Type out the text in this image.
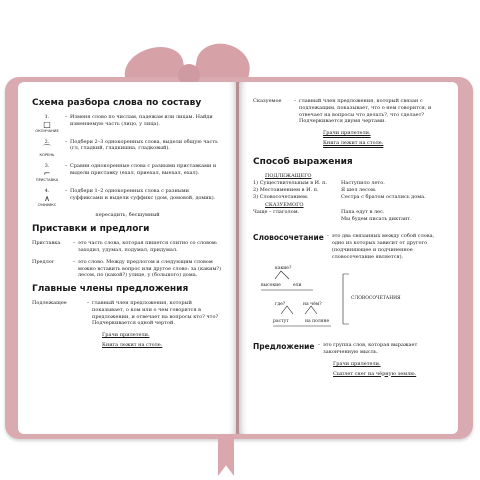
Схема разбора слова по составу
1.
□
ОКОНЧАНИЕ
– Изменя слово по числам, падежам или лицам. Найди изменяемую часть (лицо, у лица).
2.
⌒
КОРЕНЬ
– Подбери 2–3 однокоренных слова, выдели общую часть (гл, гладкий, гладкишна, гладковый).
3.
⌐
ПРИСТАВКА
– Сравни однокоренные слова с разными приставками и выдели приставку (ехал, приехал, выехал, ехал).
4.
∧
СУФФИКС
– Подбери 1–2 однокоренных слова с разными суффиксами и выдели суффикс (дом, домовой, домик).
пересадить, бесшумный
Приставки и предлоги
Приставка	– это часть слова, которая пишется слитно со словом: заходил, удумал, подумал, придумал.
Предлог	– это слово. Между предлогом и следующим словом можно вставить вопрос или другое слово: за (каким?) лесом, по (какой?) улице, у (большого) дома.
Главные члены предложения
Подлежащее	– главный член предложения, который показывает, о ком или о чем говорится в предложении, и отвечает на вопросы кто? что? Подчеркивается одной чертой.
Грачи прилетели.
Книга лежит на столе.
Сказуемое	– главный член предложения, который связан с подлежащим, показывает, что о нем говорится, и отвечает на вопросы что делать?, что сделает? Подчеркивается двумя чертами.
Грачи прилетели.
Книга лежит на столе.
Способ выражения
ПОДЛЕЖАЩЕГО
1) Существительным в И. п.	Наступило лето.
2) Местоимением в И. п.	Я шел лесом.
3) Словосочетанием.	Сестра с братом остались дома.
СКАЗУЕМОГО
Чаще – глаголом.	Папа едут в лес.
Мы будем писать диктант.
Словосочетание – это два связанных между собой слова, одно из которых зависит от другого (подчиняющее и подчиненное словосочетание является).
какие?
высокие	ели
где?	на чём?
растут	на поляне
СЛОВОСОЧЕТАНИЯ
Предложение – это группа слов, которая выражает законченную мысль.
Грачи прилетели.
Сыплет снег на чёрную землю.
